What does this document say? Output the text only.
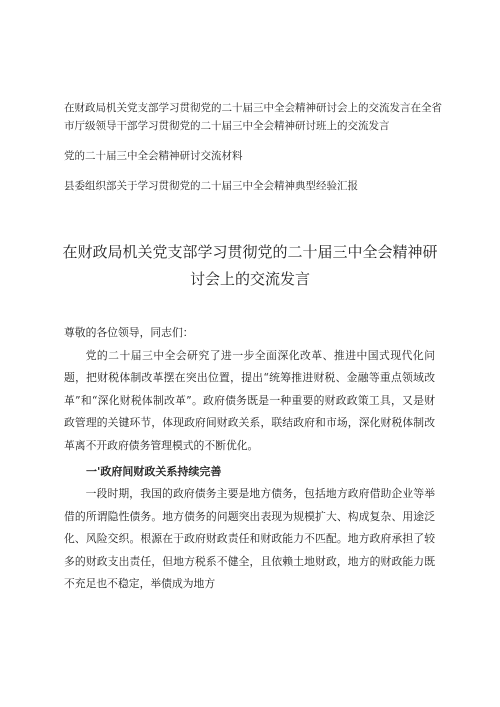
在财政局机关党支部学习贯彻党的二十届三中全会精神研讨会上的交流发言在全省市厅级领导干部学习贯彻党的二十届三中全会精神研讨班上的交流发言
党的二十届三中全会精神研讨交流材料
县委组织部关于学习贯彻党的二十届三中全会精神典型经验汇报
在财政局机关党支部学习贯彻党的二十届三中全会精神研讨会上的交流发言

尊敬的各位领导，同志们：

党的二十届三中全会研究了进一步全面深化改革、推进中国式现代化问题，把财税体制改革摆在突出位置，提出“统筹推进财税、金融等重点领域改革”和“深化财税体制改革”。政府债务既是一种重要的财政政策工具，又是财政管理的关键环节，体现政府间财政关系，联结政府和市场，深化财税体制改革离不开政府债务管理模式的不断优化。

一'政府间财政关系持续完善

一段时期，我国的政府债务主要是地方债务，包括地方政府借助企业等举借的所谓隐性债务。地方债务的问题突出表现为规模扩大、构成复杂、用途泛化、风险交织。根源在于政府财政责任和财政能力不匹配。地方政府承担了较多的财政支出责任，但地方税系不健全，且依赖土地财政，地方的财政能力既不充足也不稳定，举债成为地方
